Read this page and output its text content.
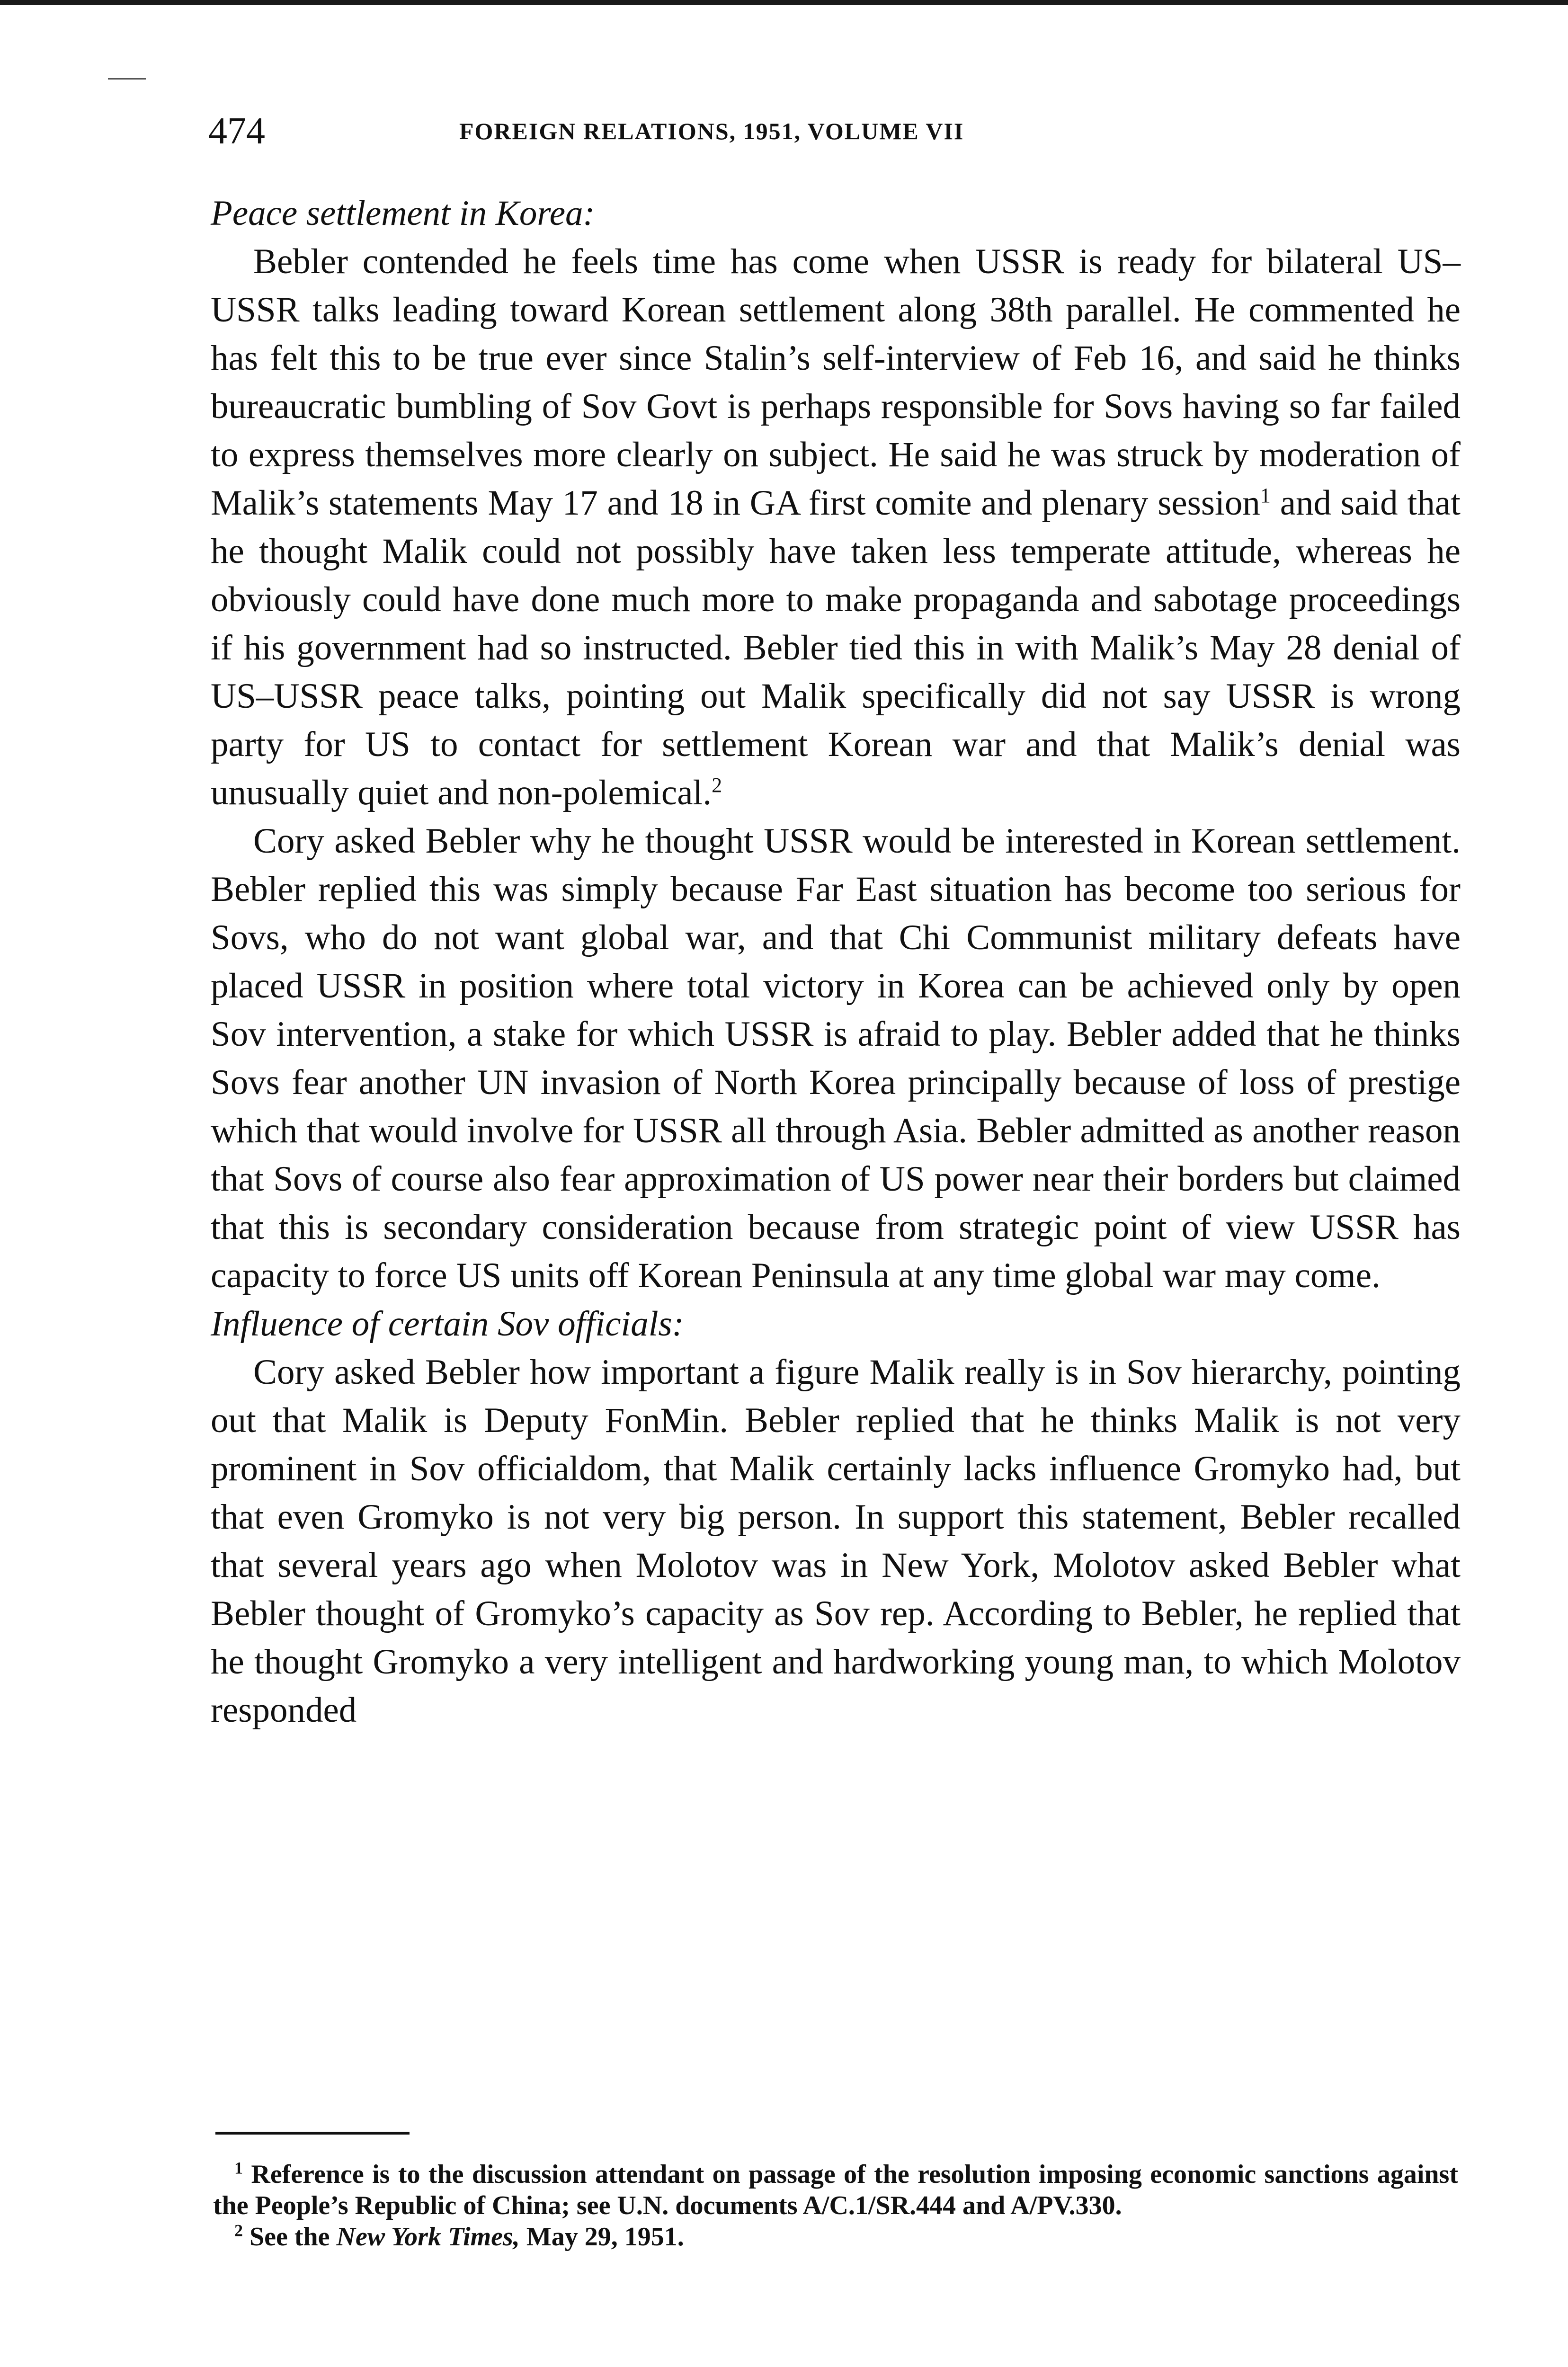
474	FOREIGN RELATIONS, 1951, VOLUME VII

Peace settlement in Korea:

Bebler contended he feels time has come when USSR is ready for bilateral US–USSR talks leading toward Korean settlement along 38th parallel. He commented he has felt this to be true ever since Stalin’s self-interview of Feb 16, and said he thinks bureaucratic bumbling of Sov Govt is perhaps responsible for Sovs having so far failed to express themselves more clearly on subject. He said he was struck by moderation of Malik’s statements May 17 and 18 in GA first comite and plenary session$^1$ and said that he thought Malik could not possibly have taken less temperate attitude, whereas he obviously could have done much more to make propaganda and sabotage proceedings if his government had so instructed. Bebler tied this in with Malik’s May 28 denial of US–USSR peace talks, pointing out Malik specifically did not say USSR is wrong party for US to contact for settlement Korean war and that Malik’s denial was unusually quiet and non-polemical.$^2$

Cory asked Bebler why he thought USSR would be interested in Korean settlement. Bebler replied this was simply because Far East situation has become too serious for Sovs, who do not want global war, and that Chi Communist military defeats have placed USSR in position where total victory in Korea can be achieved only by open Sov intervention, a stake for which USSR is afraid to play. Bebler added that he thinks Sovs fear another UN invasion of North Korea principally because of loss of prestige which that would involve for USSR all through Asia. Bebler admitted as another reason that Sovs of course also fear approximation of US power near their borders but claimed that this is secondary consideration because from strategic point of view USSR has capacity to force US units off Korean Peninsula at any time global war may come.

Influence of certain Sov officials:

Cory asked Bebler how important a figure Malik really is in Sov hierarchy, pointing out that Malik is Deputy FonMin. Bebler replied that he thinks Malik is not very prominent in Sov officialdom, that Malik certainly lacks influence Gromyko had, but that even Gromyko is not very big person. In support this statement, Bebler recalled that several years ago when Molotov was in New York, Molotov asked Bebler what Bebler thought of Gromyko’s capacity as Sov rep. According to Bebler, he replied that he thought Gromyko a very intelligent and hardworking young man, to which Molotov responded

$^1$ Reference is to the discussion attendant on passage of the resolution imposing economic sanctions against the People’s Republic of China; see U.N. documents A/C.1/SR.444 and A/PV.330.

$^2$ See the New York Times, May 29, 1951.
